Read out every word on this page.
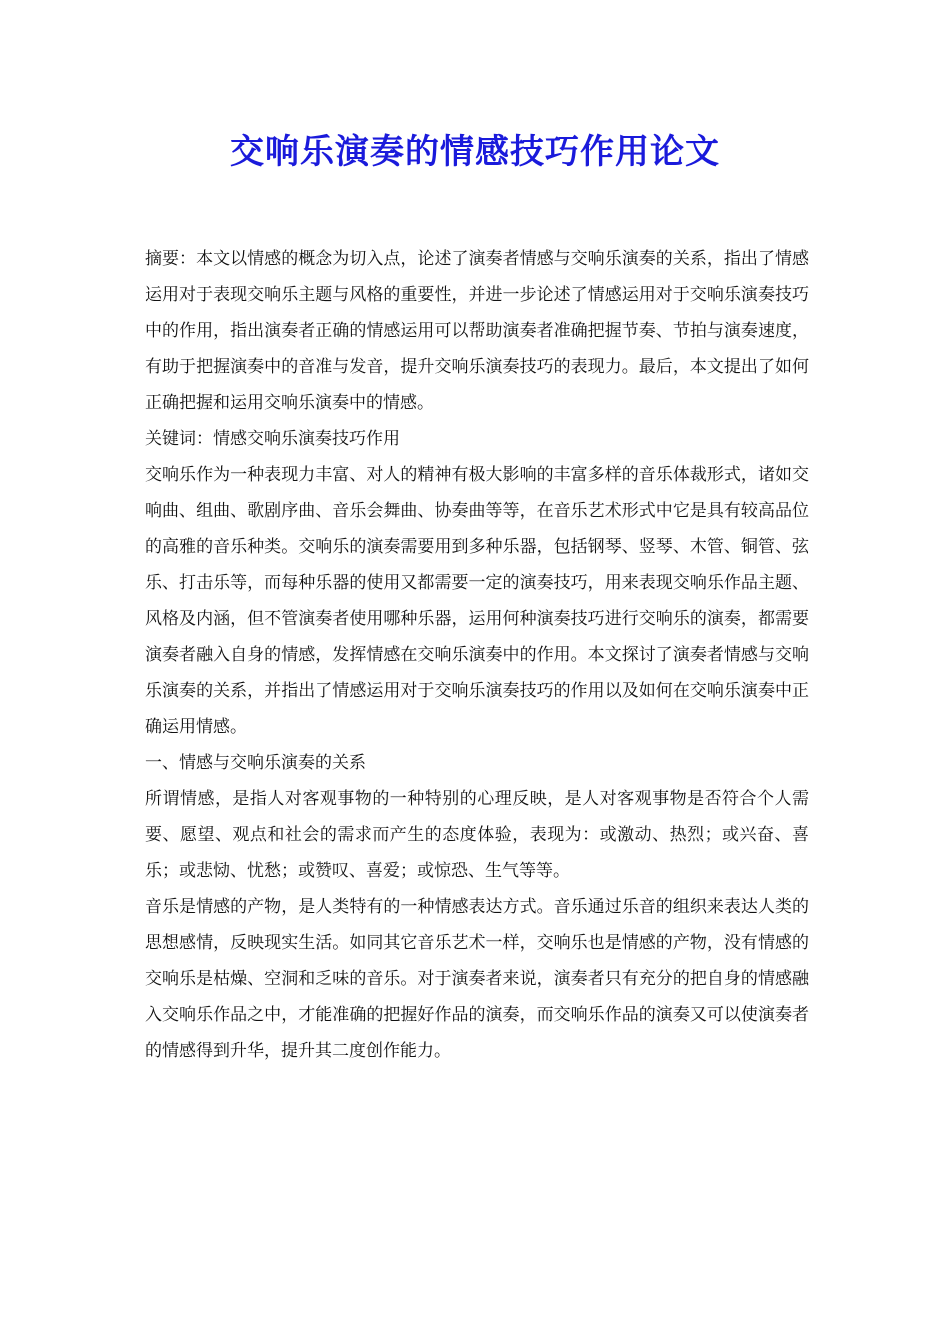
交响乐演奏的情感技巧作用论文

摘要：本文以情感的概念为切入点，论述了演奏者情感与交响乐演奏的关系，指出了情感运用对于表现交响乐主题与风格的重要性，并进一步论述了情感运用对于交响乐演奏技巧中的作用，指出演奏者正确的情感运用可以帮助演奏者准确把握节奏、节拍与演奏速度，有助于把握演奏中的音准与发音，提升交响乐演奏技巧的表现力。最后，本文提出了如何正确把握和运用交响乐演奏中的情感。

关键词：情感交响乐演奏技巧作用

交响乐作为一种表现力丰富、对人的精神有极大影响的丰富多样的音乐体裁形式，诸如交响曲、组曲、歌剧序曲、音乐会舞曲、协奏曲等等，在音乐艺术形式中它是具有较高品位的高雅的音乐种类。交响乐的演奏需要用到多种乐器，包括钢琴、竖琴、木管、铜管、弦乐、打击乐等，而每种乐器的使用又都需要一定的演奏技巧，用来表现交响乐作品主题、风格及内涵，但不管演奏者使用哪种乐器，运用何种演奏技巧进行交响乐的演奏，都需要演奏者融入自身的情感，发挥情感在交响乐演奏中的作用。本文探讨了演奏者情感与交响乐演奏的关系，并指出了情感运用对于交响乐演奏技巧的作用以及如何在交响乐演奏中正确运用情感。

一、情感与交响乐演奏的关系

所谓情感，是指人对客观事物的一种特别的心理反映，是人对客观事物是否符合个人需要、愿望、观点和社会的需求而产生的态度体验，表现为：或激动、热烈；或兴奋、喜乐；或悲恸、忧愁；或赞叹、喜爱；或惊恐、生气等等。

音乐是情感的产物，是人类特有的一种情感表达方式。音乐通过乐音的组织来表达人类的思想感情，反映现实生活。如同其它音乐艺术一样，交响乐也是情感的产物，没有情感的交响乐是枯燥、空洞和乏味的音乐。对于演奏者来说，演奏者只有充分的把自身的情感融入交响乐作品之中，才能准确的把握好作品的演奏，而交响乐作品的演奏又可以使演奏者的情感得到升华，提升其二度创作能力。
